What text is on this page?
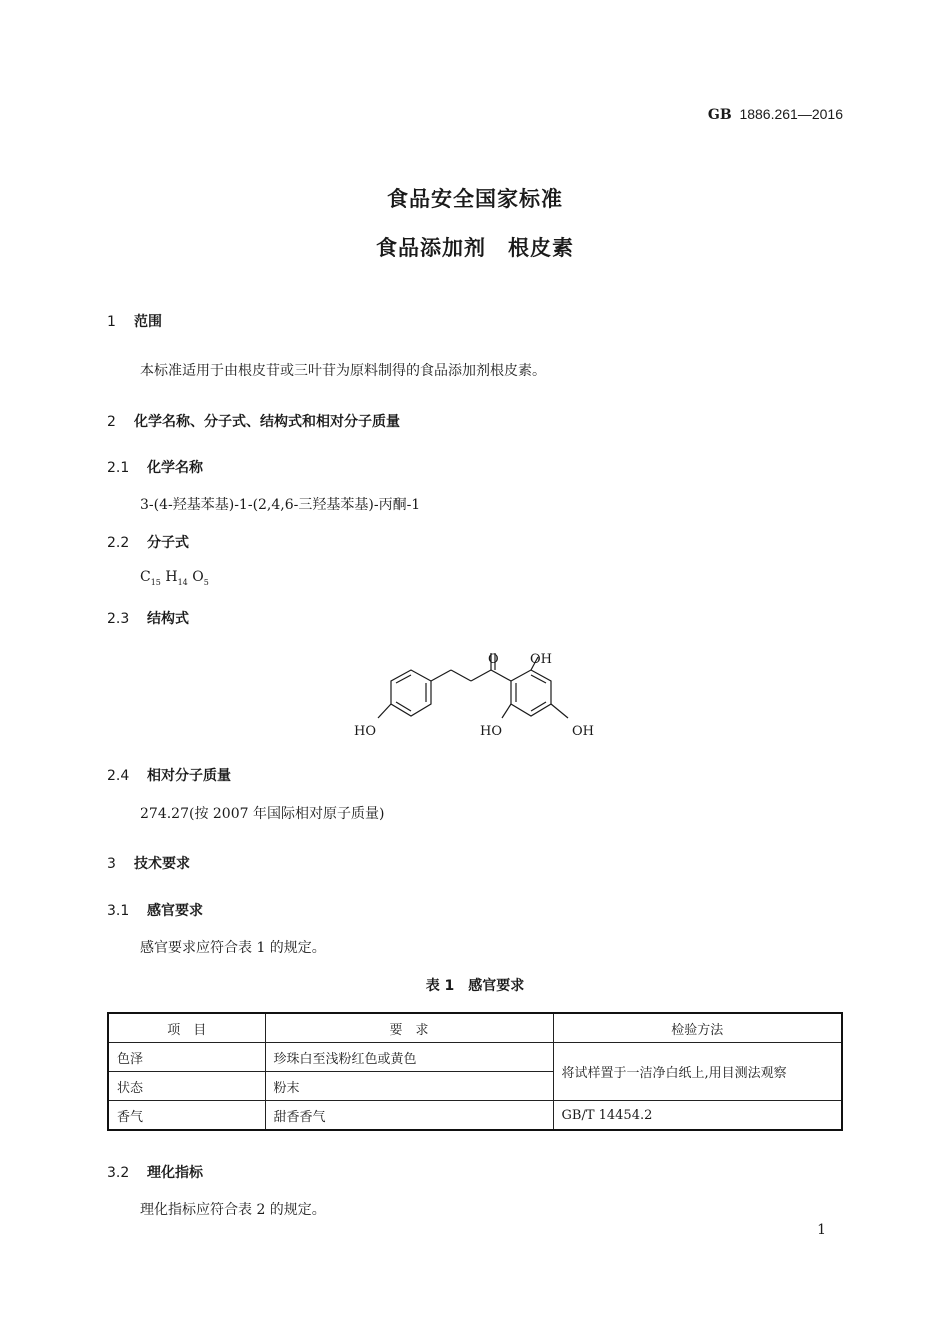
GB 1886.261—2016
食品安全国家标准
食品添加剂　根皮素
1 范围
本标准适用于由根皮苷或三叶苷为原料制得的食品添加剂根皮素。
2 化学名称、分子式、结构式和相对分子质量
2.1 化学名称
3-(4-羟基苯基)-1-(2,4,6-三羟基苯基)-丙酮-1
2.2 分子式
$C_{15}$ $H_{14}$ $O_5$
2.3 结构式
O OH
HO	HO	OH
2.4 相对分子质量
274.27(按 2007 年国际相对原子质量)
3 技术要求
3.1 感官要求
感官要求应符合表 1 的规定。
表 1　感官要求
项　目	要　求	检验方法
色泽	珍珠白至浅粉红色或黄色	将试样置于一洁净白纸上,用目测法观察
状态	粉末	
香气	甜香香气	GB/T 14454.2
3.2 理化指标
理化指标应符合表 2 的规定。
1
